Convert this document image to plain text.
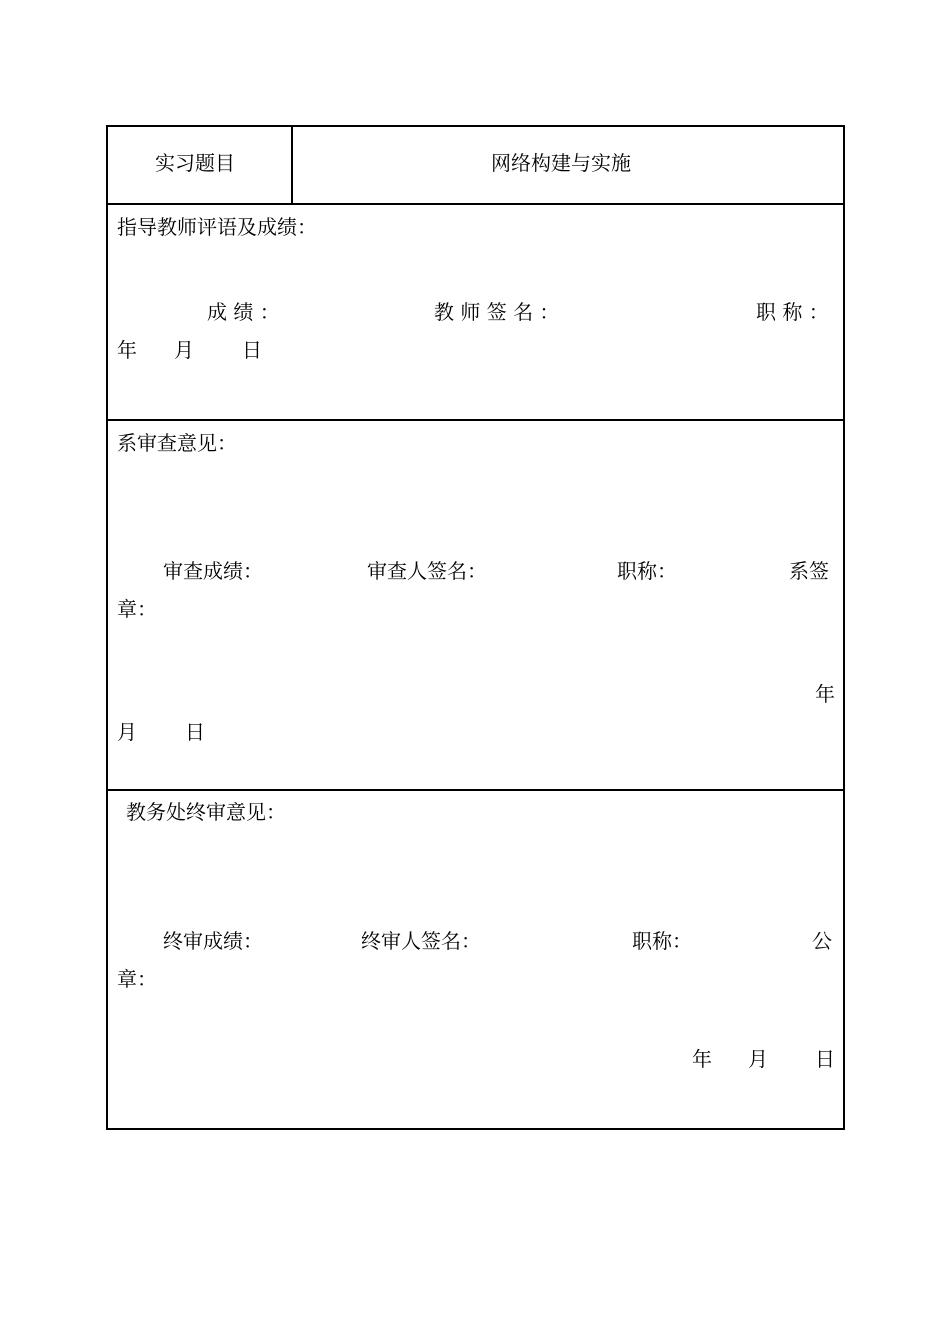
实习题目	网络构建与实施
指导教师评语及成绩：
成 绩 ：	教 师 签 名 ：	职 称 ：
年 月 日
系审查意见：
审查成绩：	审查人签名：	职称：	系签
章：
年
月 日
教务处终审意见：
终审成绩：	终审人签名：	职称：	公
章：
年 月 日
